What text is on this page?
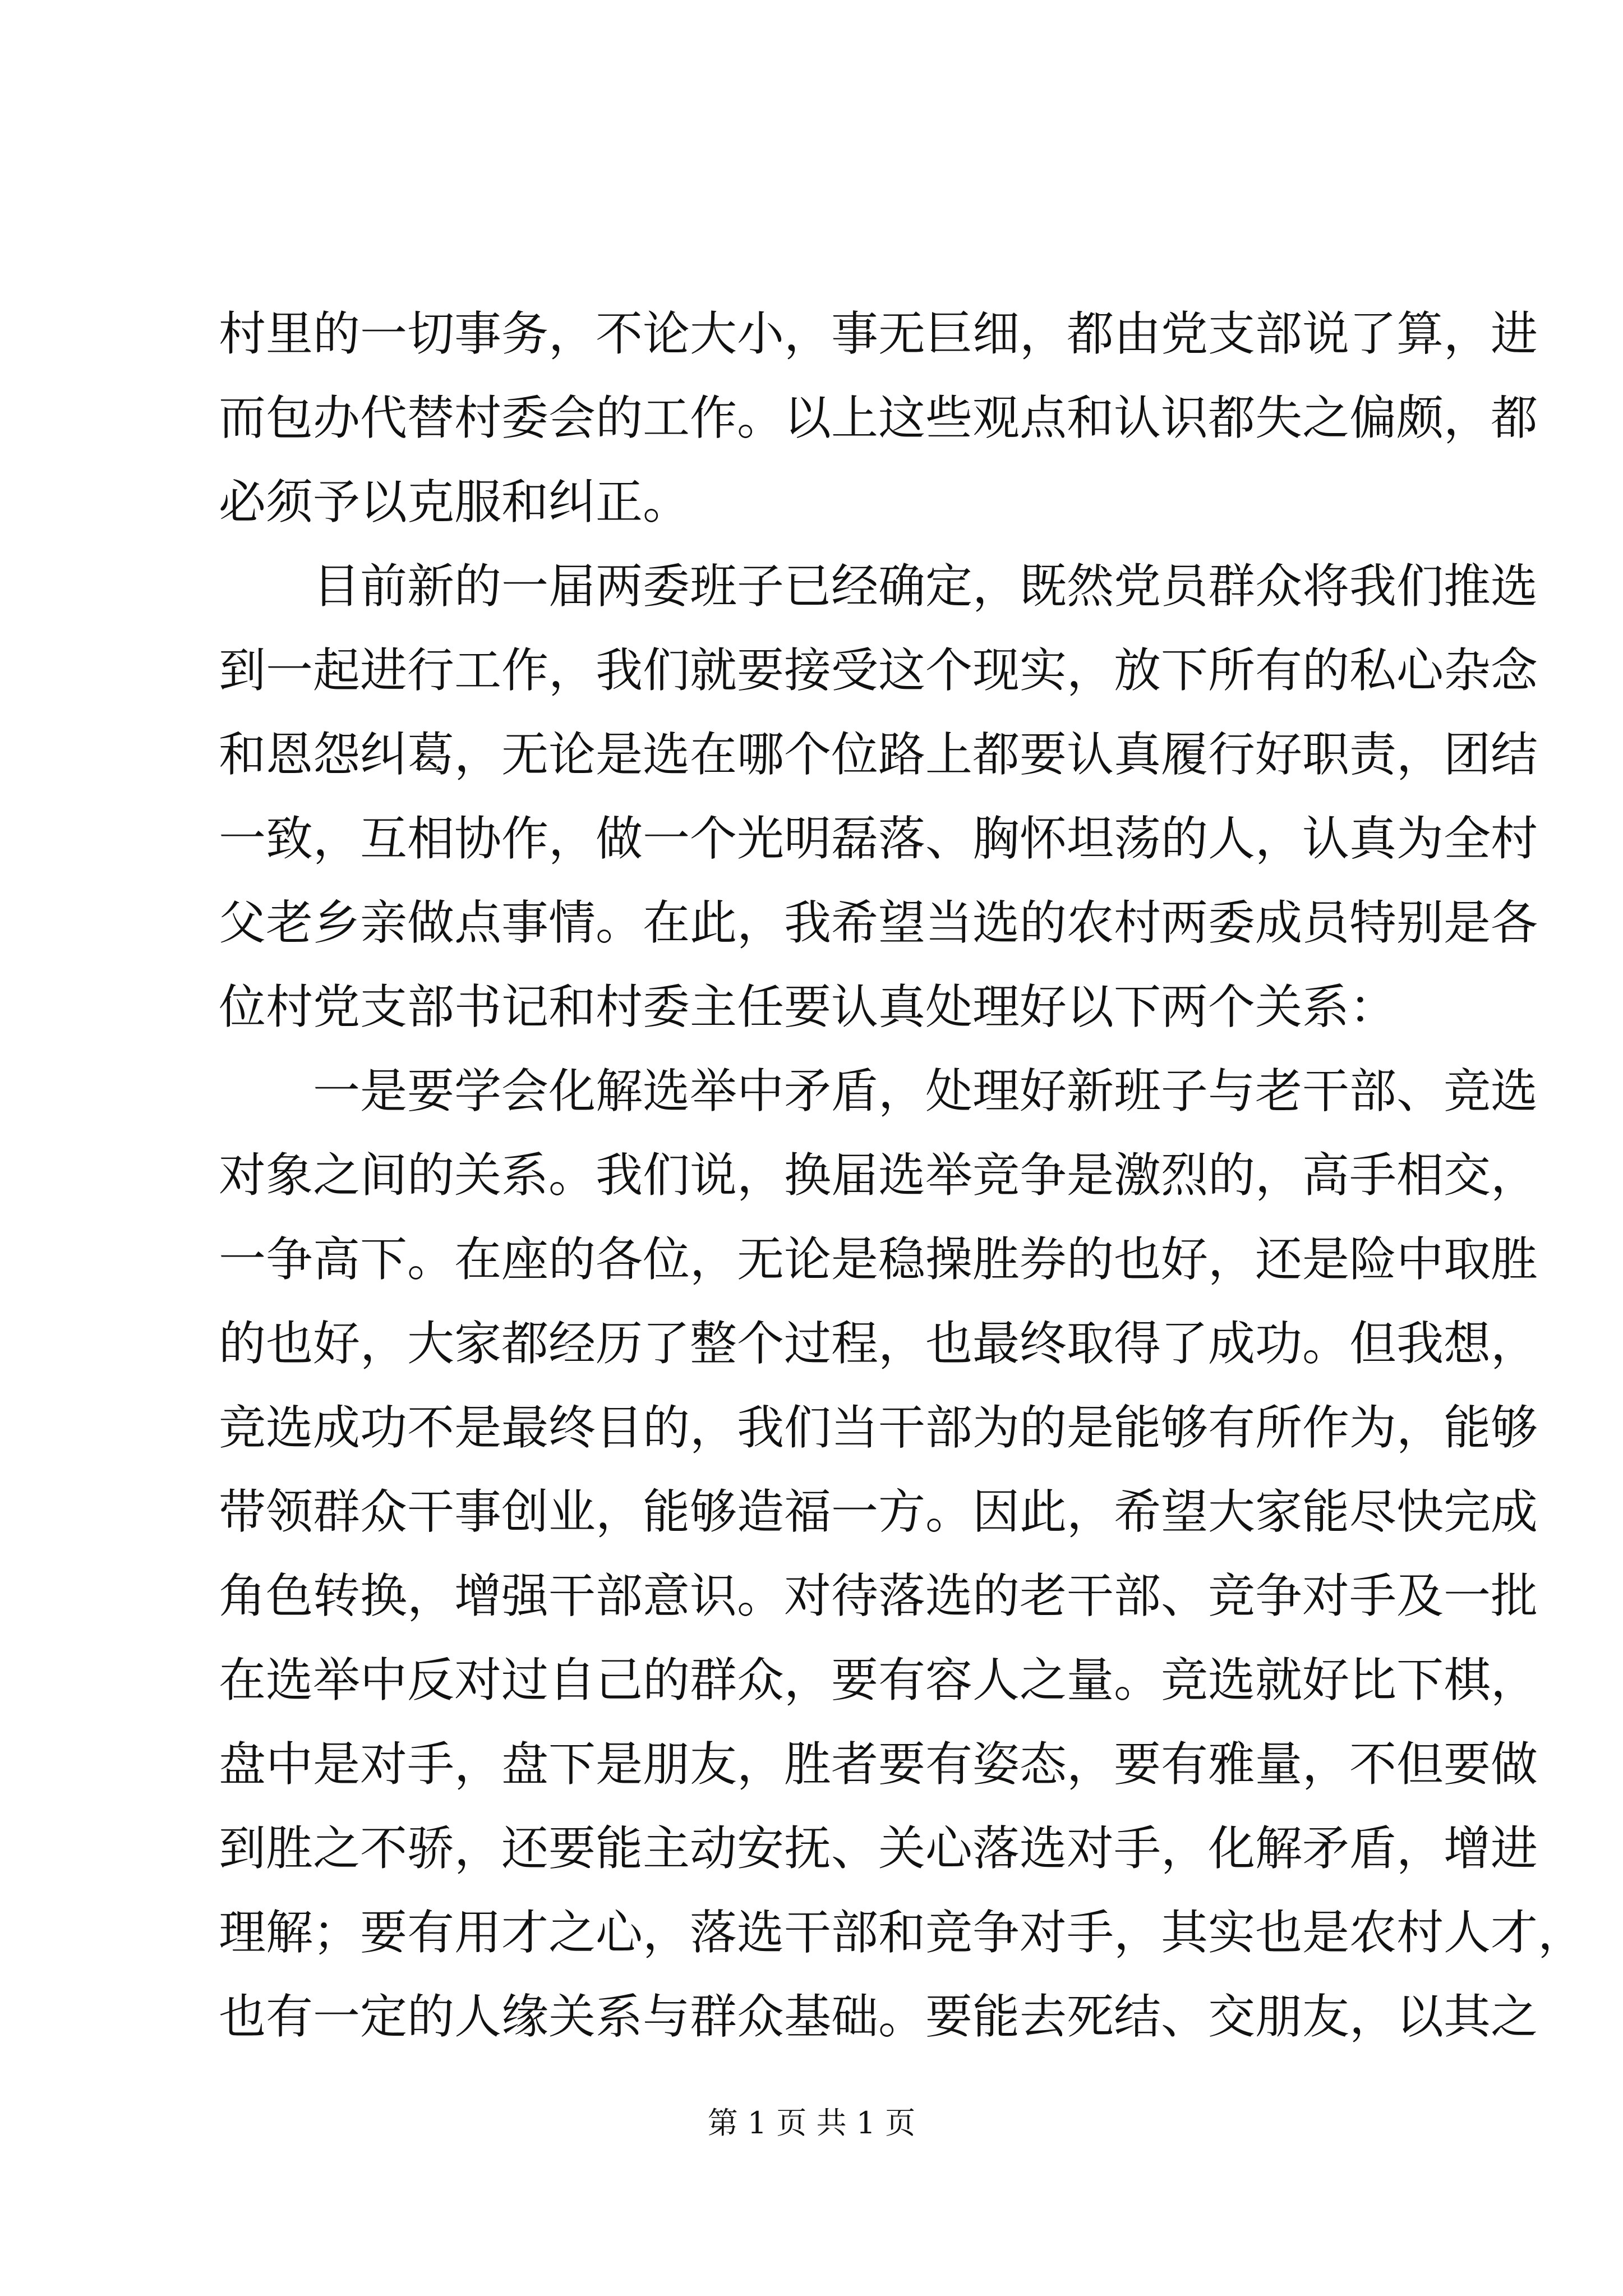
村里的一切事务，不论大小，事无巨细，都由党支部说了算，进
而包办代替村委会的工作。以上这些观点和认识都失之偏颇，都
必须予以克服和纠正。
目前新的一届两委班子已经确定，既然党员群众将我们推选
到一起进行工作，我们就要接受这个现实，放下所有的私心杂念
和恩怨纠葛，无论是选在哪个位路上都要认真履行好职责，团结
一致，互相协作，做一个光明磊落、胸怀坦荡的人，认真为全村
父老乡亲做点事情。在此，我希望当选的农村两委成员特别是各
位村党支部书记和村委主任要认真处理好以下两个关系：
一是要学会化解选举中矛盾，处理好新班子与老干部、竞选
对象之间的关系。我们说，换届选举竞争是激烈的，高手相交，
一争高下。在座的各位，无论是稳操胜券的也好，还是险中取胜
的也好，大家都经历了整个过程，也最终取得了成功。但我想，
竞选成功不是最终目的，我们当干部为的是能够有所作为，能够
带领群众干事创业，能够造福一方。因此，希望大家能尽快完成
角色转换，增强干部意识。对待落选的老干部、竞争对手及一批
在选举中反对过自己的群众，要有容人之量。竞选就好比下棋，
盘中是对手，盘下是朋友，胜者要有姿态，要有雅量，不但要做
到胜之不骄，还要能主动安抚、关心落选对手，化解矛盾，增进
理解；要有用才之心，落选干部和竞争对手，其实也是农村人才，
也有一定的人缘关系与群众基础。要能去死结、交朋友，以其之
第 1 页 共 1 页
